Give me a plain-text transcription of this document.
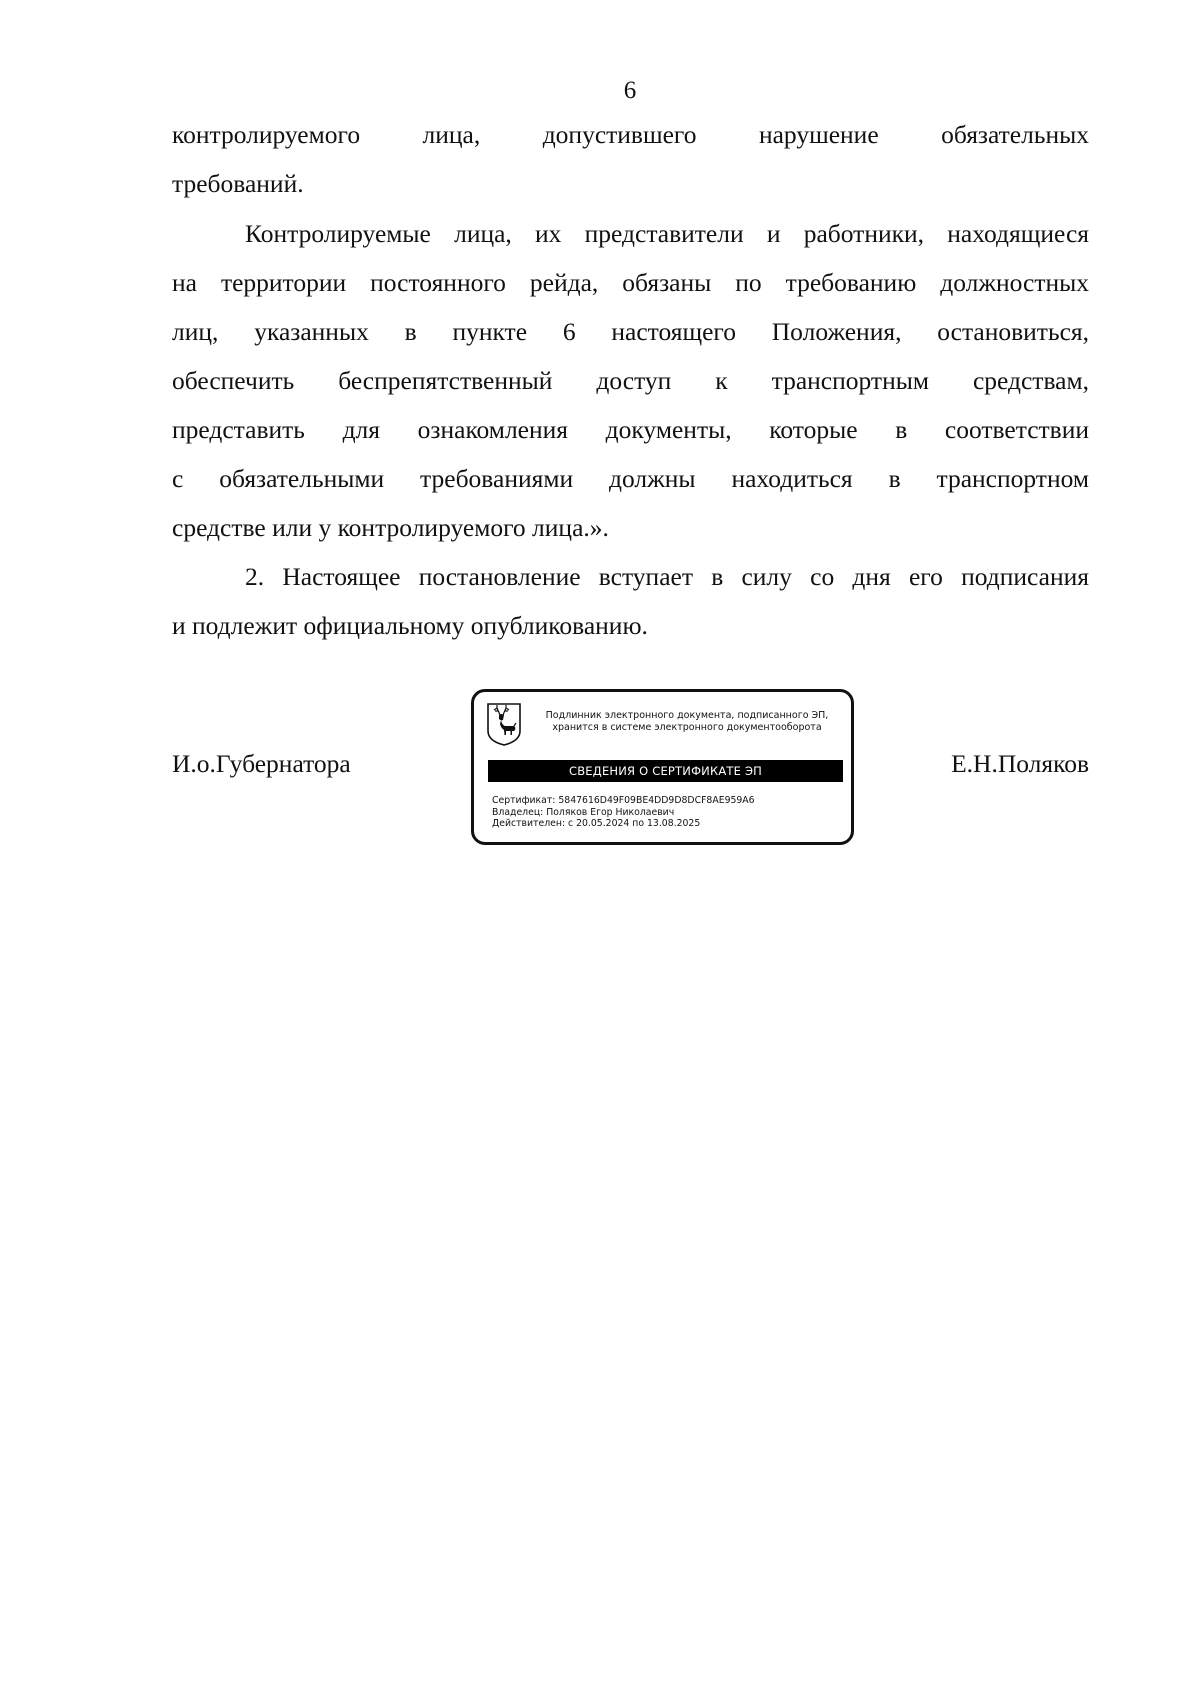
6
контролируемого лица, допустившего нарушение обязательных
требований.
Контролируемые лица, их представители и работники, находящиеся
на территории постоянного рейда, обязаны по требованию должностных
лиц, указанных в пункте 6 настоящего Положения, остановиться,
обеспечить беспрепятственный доступ к транспортным средствам,
представить для ознакомления документы, которые в соответствии
с обязательными требованиями должны находиться в транспортном
средстве или у контролируемого лица.».
2. Настоящее постановление вступает в силу со дня его подписания
и подлежит официальному опубликованию.
И.о.Губернатора	Е.Н.Поляков
Подлинник электронного документа, подписанного ЭП,
хранится в системе электронного документооборота
СВЕДЕНИЯ О СЕРТИФИКАТЕ ЭП
Сертификат: 5847616D49F09BE4DD9D8DCF8AE959A6
Владелец: Поляков Егор Николаевич
Действителен: с 20.05.2024 по 13.08.2025
